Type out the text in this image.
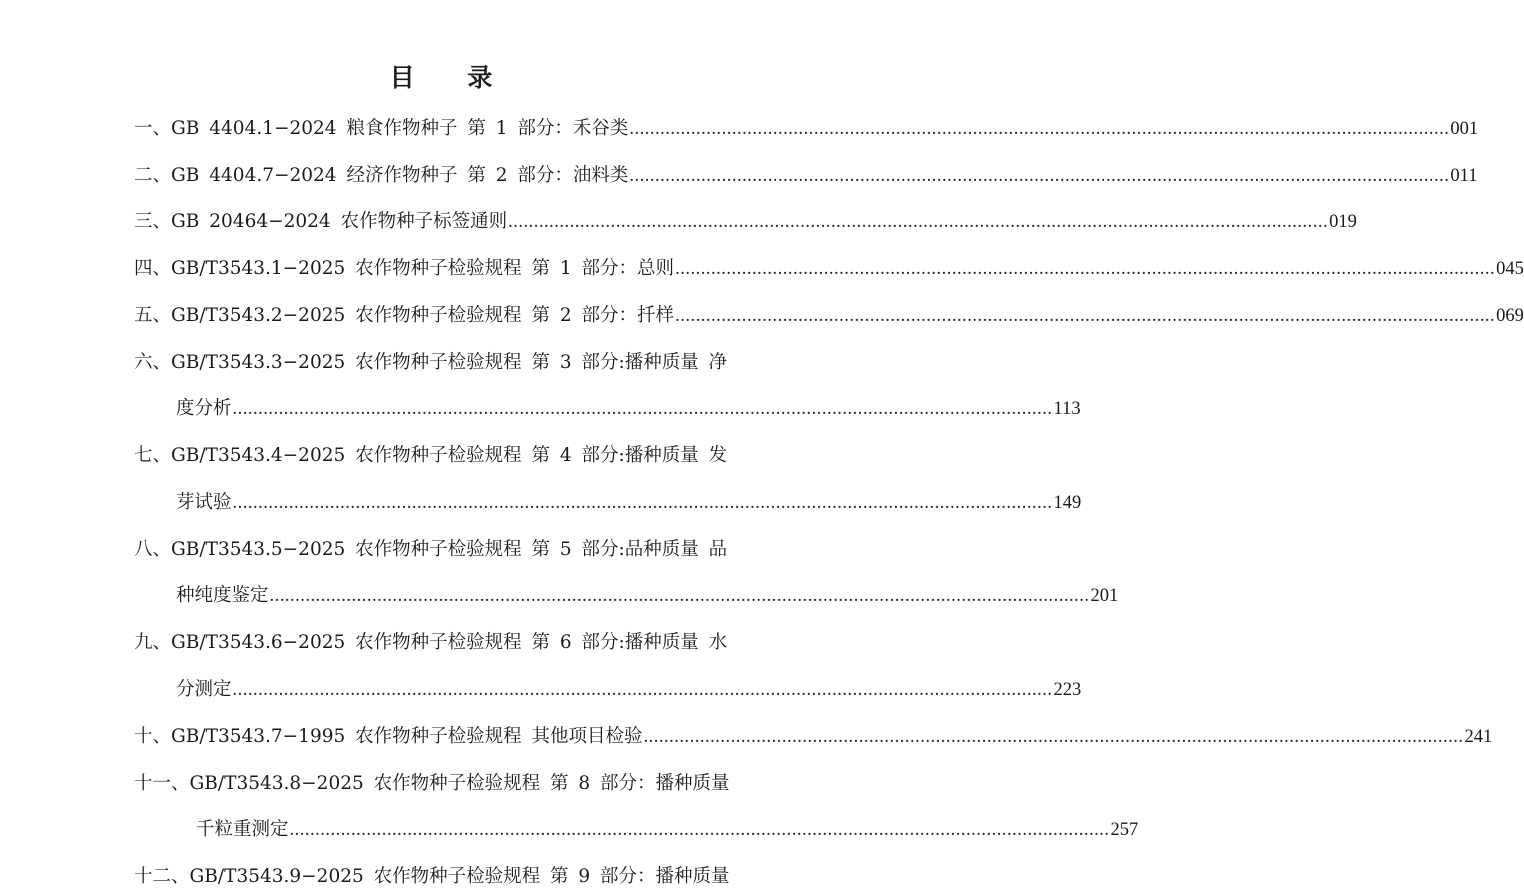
目 录
一、GB 4404.1−2024 粮食作物种子 第 1 部分：禾谷类 ................................................................................................................................................................ 001
二、GB 4404.7−2024 经济作物种子 第 2 部分：油料类 ................................................................................................................................................................ 011
三、GB 20464−2024 农作物种子标签通则 ................................................................................................................................................................ 019
四、GB/T3543.1−2025 农作物种子检验规程 第 1 部分：总则 ................................................................................................................................................................ 045
五、GB/T3543.2−2025 农作物种子检验规程 第 2 部分：扦样 ................................................................................................................................................................ 069
六、GB/T3543.3−2025 农作物种子检验规程 第 3 部分:播种质量 净
度分析 ................................................................................................................................................................ 113
七、GB/T3543.4−2025 农作物种子检验规程 第 4 部分:播种质量 发
芽试验 ................................................................................................................................................................ 149
八、GB/T3543.5−2025 农作物种子检验规程 第 5 部分:品种质量 品
种纯度鉴定 ................................................................................................................................................................ 201
九、GB/T3543.6−2025 农作物种子检验规程 第 6 部分:播种质量 水
分测定 ................................................................................................................................................................ 223
十、GB/T3543.7−1995 农作物种子检验规程 其他项目检验 ................................................................................................................................................................ 241
十一、GB/T3543.8−2025 农作物种子检验规程 第 8 部分：播种质量
千粒重测定 ................................................................................................................................................................ 257
十二、GB/T3543.9−2025 农作物种子检验规程 第 9 部分：播种质量
